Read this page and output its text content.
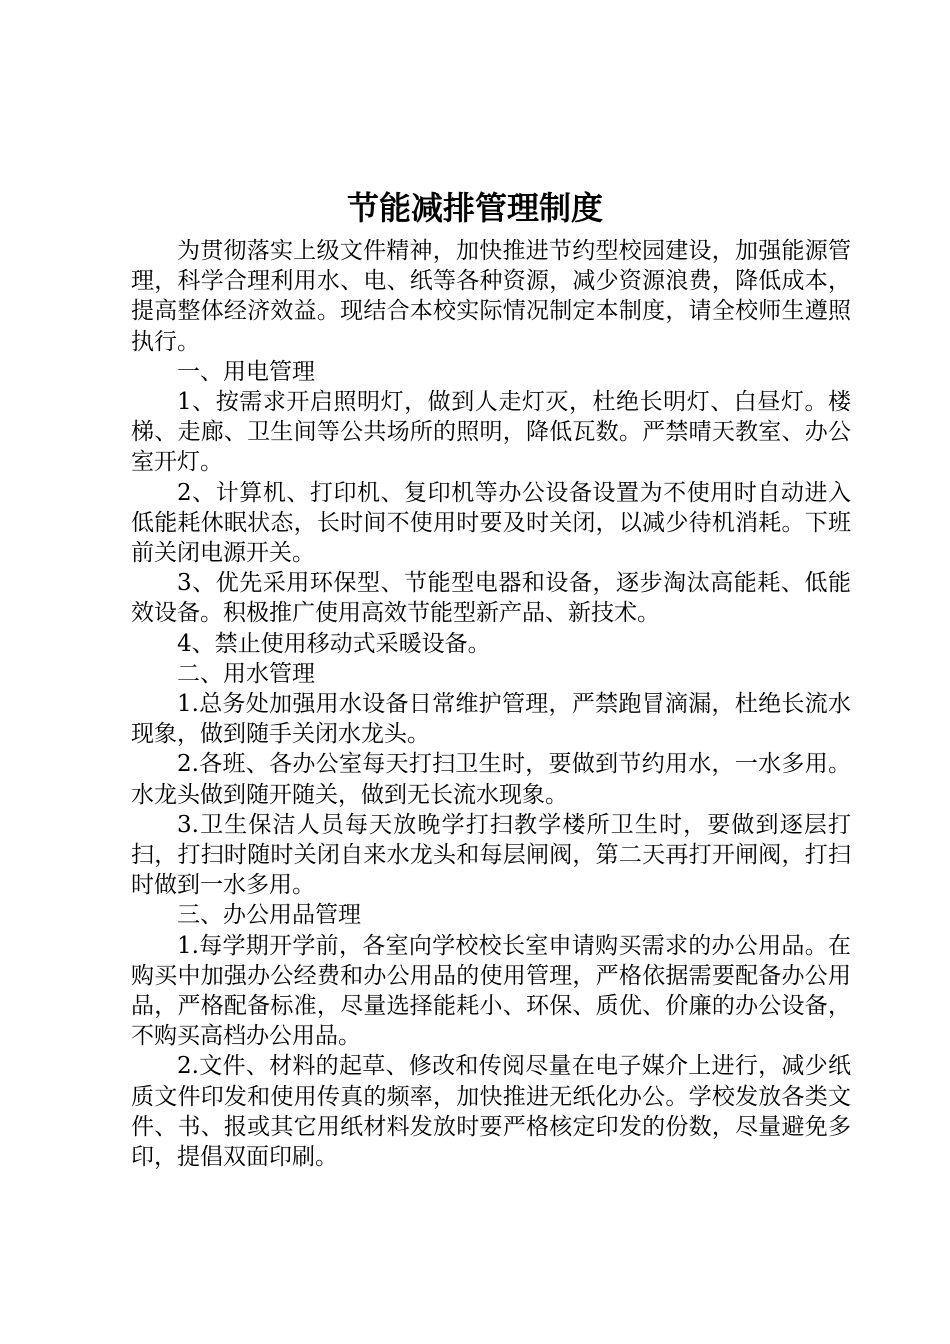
节能减排管理制度

为贯彻落实上级文件精神，加快推进节约型校园建设，加强能源管理，科学合理利用水、电、纸等各种资源，减少资源浪费，降低成本，提高整体经济效益。现结合本校实际情况制定本制度，请全校师生遵照执行。

一、用电管理

1、按需求开启照明灯，做到人走灯灭，杜绝长明灯、白昼灯。楼梯、走廊、卫生间等公共场所的照明，降低瓦数。严禁晴天教室、办公室开灯。

2、计算机、打印机、复印机等办公设备设置为不使用时自动进入低能耗休眠状态，长时间不使用时要及时关闭，以减少待机消耗。下班前关闭电源开关。

3、优先采用环保型、节能型电器和设备，逐步淘汰高能耗、低能效设备。积极推广使用高效节能型新产品、新技术。

4、禁止使用移动式采暖设备。

二、用水管理

1.总务处加强用水设备日常维护管理，严禁跑冒滴漏，杜绝长流水现象，做到随手关闭水龙头。

2.各班、各办公室每天打扫卫生时，要做到节约用水，一水多用。水龙头做到随开随关，做到无长流水现象。

3.卫生保洁人员每天放晚学打扫教学楼所卫生时，要做到逐层打扫，打扫时随时关闭自来水龙头和每层闸阀，第二天再打开闸阀，打扫时做到一水多用。

三、办公用品管理

1.每学期开学前，各室向学校校长室申请购买需求的办公用品。在购买中加强办公经费和办公用品的使用管理，严格依据需要配备办公用品，严格配备标准，尽量选择能耗小、环保、质优、价廉的办公设备，不购买高档办公用品。

2.文件、材料的起草、修改和传阅尽量在电子媒介上进行，减少纸质文件印发和使用传真的频率，加快推进无纸化办公。学校发放各类文件、书、报或其它用纸材料发放时要严格核定印发的份数，尽量避免多印，提倡双面印刷。
